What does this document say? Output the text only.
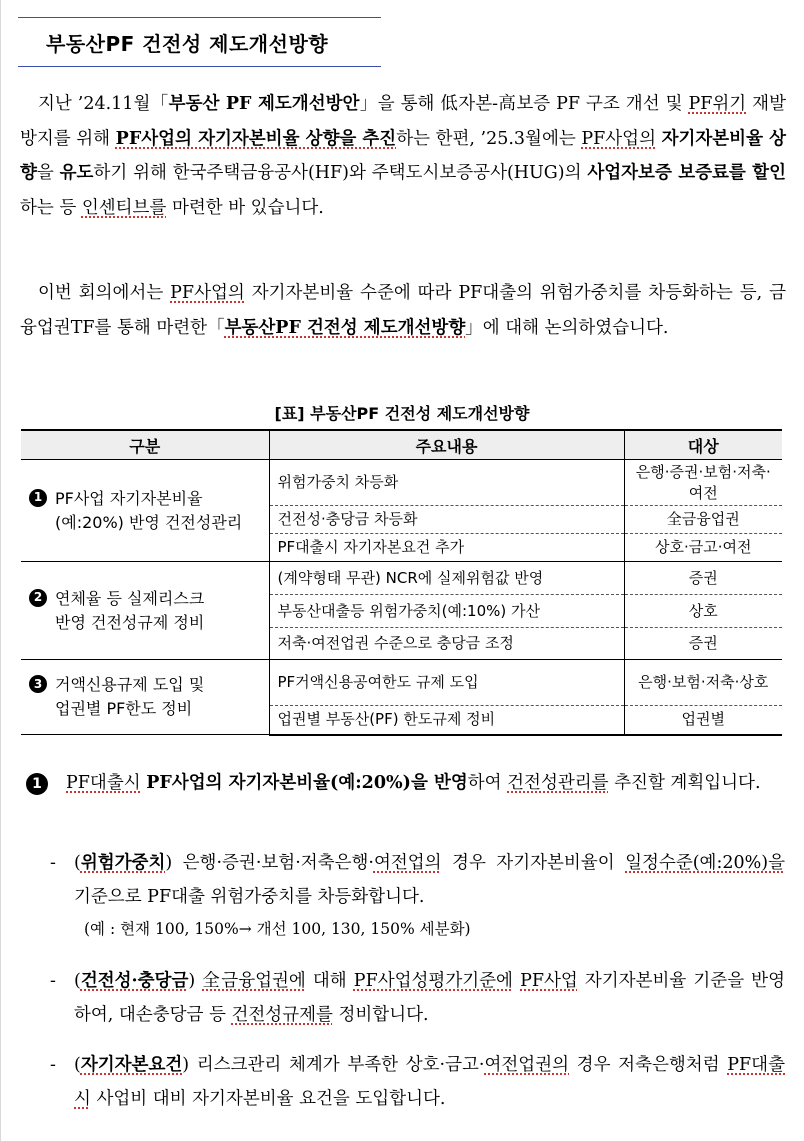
부동산PF 건전성 제도개선방향
지난 ’24.11월「부동산 PF 제도개선방안」을 통해 低자본-高보증 PF 구조 개선 및 PF위기 재발 방지를 위해 PF사업의 자기자본비율 상향을 추진하는 한편, ’25.3월에는 PF사업의 자기자본비율 상향을 유도하기 위해 한국주택금융공사(HF)와 주택도시보증공사(HUG)의 사업자보증 보증료를 할인하는 등 인센티브를 마련한 바 있습니다.
이번 회의에서는 PF사업의 자기자본비율 수준에 따라 PF대출의 위험가중치를 차등화하는 등, 금융업권TF를 통해 마련한「부동산PF 건전성 제도개선방향」에 대해 논의하였습니다.
[표] 부동산PF 건전성 제도개선방향
구분	주요내용	대상

1 PF사업 자기자본비율
(예:20%) 반영 건전성관리	위험가중치 차등화	은행·증권·보험·저축·여전
	건전성·충당금 차등화	全금융업권
	PF대출시 자기자본요건 추가	상호·금고·여전

2 연체율 등 실제리스크
반영 건전성규제 정비	(계약형태 무관) NCR에 실제위험값 반영	증권
	부동산대출등 위험가중치(예:10%) 가산	상호
	저축·여전업권 수준으로 충당금 조정	증권

3 거액신용규제 도입 및
업권별 PF한도 정비	PF거액신용공여한도 규제 도입	은행·보험·저축·상호
	업권별 부동산(PF) 한도규제 정비	업권별
1	PF대출시 PF사업의 자기자본비율(예:20%)을 반영하여 건전성관리를 추진할 계획입니다.
- (위험가중치) 은행·증권·보험·저축은행·여전업의 경우 자기자본비율이 일정수준(예:20%)을 기준으로 PF대출 위험가중치를 차등화합니다.
(예 : 현재 100, 150%→ 개선 100, 130, 150% 세분화)
- (건전성·충당금) 全금융업권에 대해 PF사업성평가기준에 PF사업 자기자본비율 기준을 반영하여, 대손충당금 등 건전성규제를 정비합니다.
- (자기자본요건) 리스크관리 체계가 부족한 상호·금고·여전업권의 경우 저축은행처럼 PF대출시 사업비 대비 자기자본비율 요건을 도입합니다.
